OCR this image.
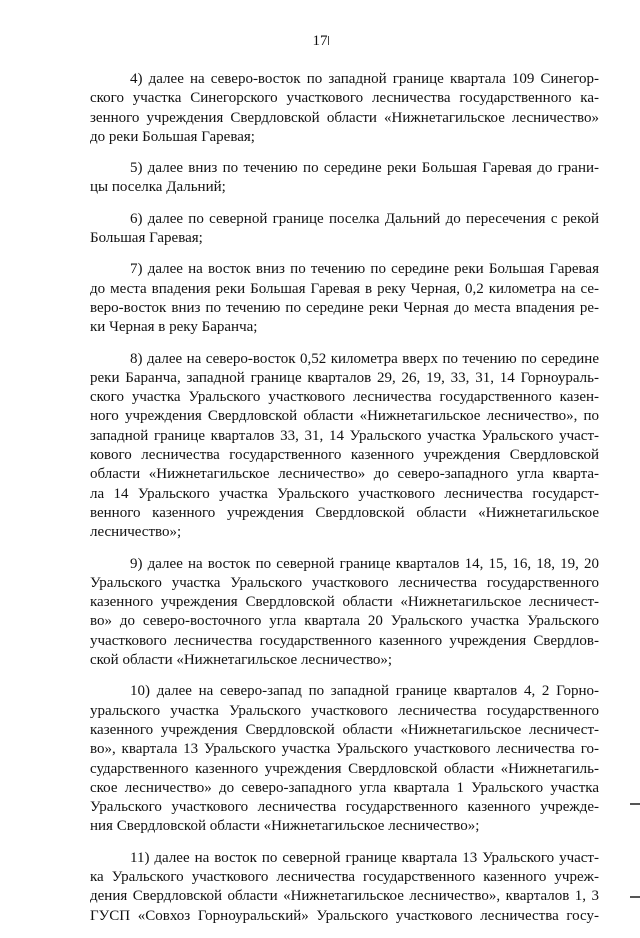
17

4) далее на северо-восток по западной границе квартала 109 Синегор-
ского участка Синегорского участкового лесничества государственного ка-
зенного учреждения Свердловской области «Нижнетагильское лесничество»
до реки Большая Гаревая;

5) далее вниз по течению по середине реки Большая Гаревая до грани-
цы поселка Дальний;

6) далее по северной границе поселка Дальний до пересечения с рекой
Большая Гаревая;

7) далее на восток вниз по течению по середине реки Большая Гаревая
до места впадения реки Большая Гаревая в реку Черная, 0,2 километра на се-
веро-восток вниз по течению по середине реки Черная до места впадения ре-
ки Черная в реку Баранча;

8) далее на северо-восток 0,52 километра вверх по течению по середине
реки Баранча, западной границе кварталов 29, 26, 19, 33, 31, 14 Горноураль-
ского участка Уральского участкового лесничества государственного казен-
ного учреждения Свердловской области «Нижнетагильское лесничество», по
западной границе кварталов 33, 31, 14 Уральского участка Уральского участ-
кового лесничества государственного казенного учреждения Свердловской
области «Нижнетагильское лесничество» до северо-западного угла кварта-
ла 14 Уральского участка Уральского участкового лесничества государст-
венного казенного учреждения Свердловской области «Нижнетагильское
лесничество»;

9) далее на восток по северной границе кварталов 14, 15, 16, 18, 19, 20
Уральского участка Уральского участкового лесничества государственного
казенного учреждения Свердловской области «Нижнетагильское лесничест-
во» до северо-восточного угла квартала 20 Уральского участка Уральского
участкового лесничества государственного казенного учреждения Свердлов-
ской области «Нижнетагильское лесничество»;

10) далее на северо-запад по западной границе кварталов 4, 2 Горно-
уральского участка Уральского участкового лесничества государственного
казенного учреждения Свердловской области «Нижнетагильское лесничест-
во», квартала 13 Уральского участка Уральского участкового лесничества го-
сударственного казенного учреждения Свердловской области «Нижнетагиль-
ское лесничество» до северо-западного угла квартала 1 Уральского участка
Уральского участкового лесничества государственного казенного учрежде-
ния Свердловской области «Нижнетагильское лесничество»;

11) далее на восток по северной границе квартала 13 Уральского участ-
ка Уральского участкового лесничества государственного казенного учреж-
дения Свердловской области «Нижнетагильское лесничество», кварталов 1, 3
ГУСП «Совхоз Горноуральский» Уральского участкового лесничества госу-
